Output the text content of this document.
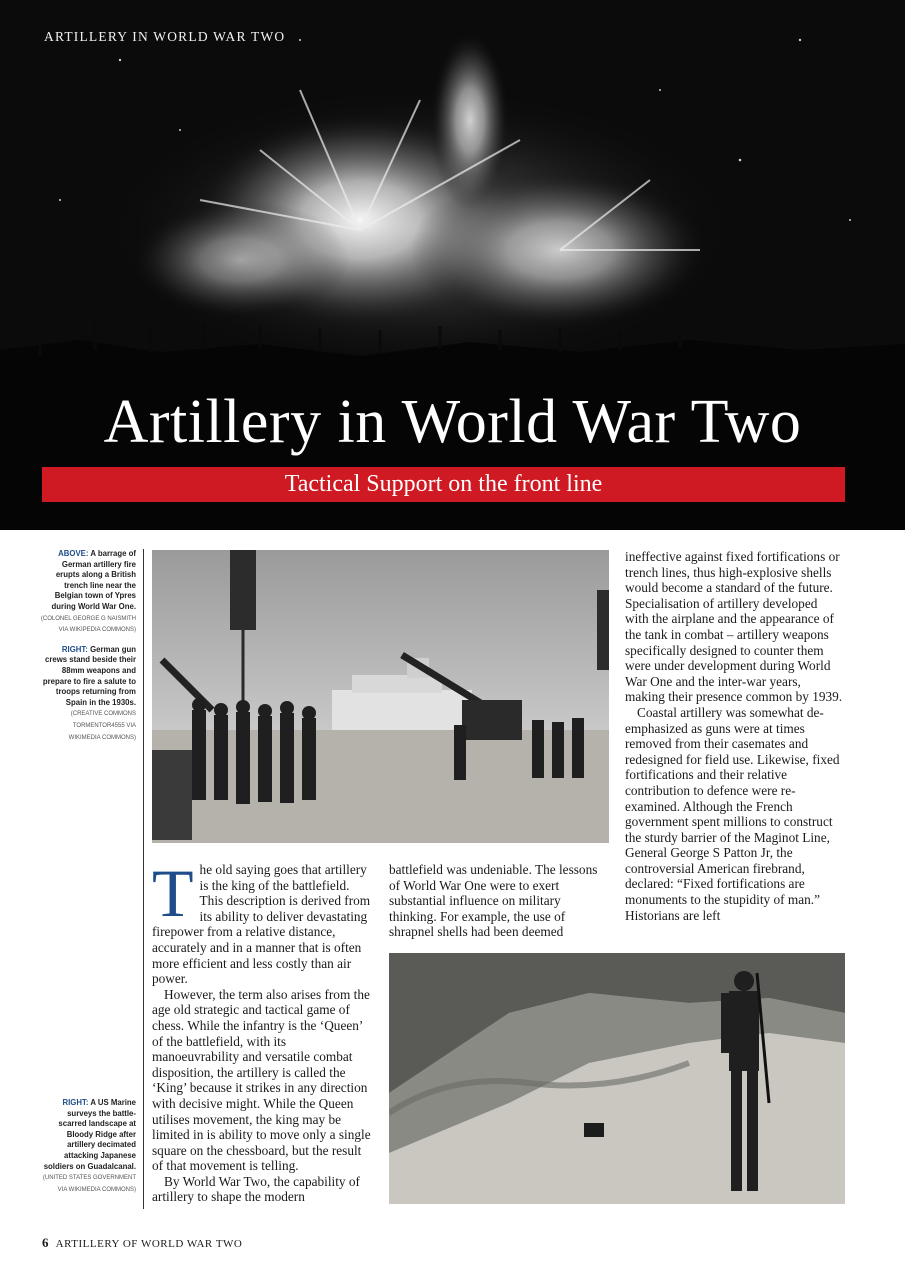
ARTILLERY IN WORLD WAR TWO
Artillery in World War Two
Tactical Support on the front line
ABOVE: A barrage of German artillery fire erupts along a British trench line near the Belgian town of Ypres during World War One. (COLONEL GEORGE G NAISMITH VIA WIKIPEDIA COMMONS)
RIGHT: German gun crews stand beside their 88mm weapons and prepare to fire a salute to troops returning from Spain in the 1930s. (CREATIVE COMMONS TORMENTOR4555 VIA WIKIMEDIA COMMONS)
RIGHT: A US Marine surveys the battle-scarred landscape at Bloody Ridge after artillery decimated attacking Japanese soldiers on Guadalcanal. (UNITED STATES GOVERNMENT VIA WIKIMEDIA COMMONS)

The old saying goes that artillery is the king of the battlefield. This description is derived from its ability to deliver devastating firepower from a relative distance, accurately and in a manner that is often more efficient and less costly than air power.

However, the term also arises from the age old strategic and tactical game of chess. While the infantry is the ‘Queen’ of the battlefield, with its manoeuvrability and versatile combat disposition, the artillery is called the ‘King’ because it strikes in any direction with decisive might. While the Queen utilises movement, the king may be limited in is ability to move only a single square on the chessboard, but the result of that movement is telling.

By World War Two, the capability of artillery to shape the modern

battlefield was undeniable. The lessons of World War One were to exert substantial influence on military thinking. For example, the use of shrapnel shells had been deemed

ineffective against fixed fortifications or trench lines, thus high-explosive shells would become a standard of the future. Specialisation of artillery developed with the airplane and the appearance of the tank in combat – artillery weapons specifically designed to counter them were under development during World War One and the inter-war years, making their presence common by 1939.

Coastal artillery was somewhat de-emphasized as guns were at times removed from their casemates and redesigned for field use. Likewise, fixed fortifications and their relative contribution to defence were re-examined. Although the French government spent millions to construct the sturdy barrier of the Maginot Line, General George S Patton Jr, the controversial American firebrand, declared: “Fixed fortifications are monuments to the stupidity of man.” Historians are left

6 ARTILLERY OF WORLD WAR TWO
